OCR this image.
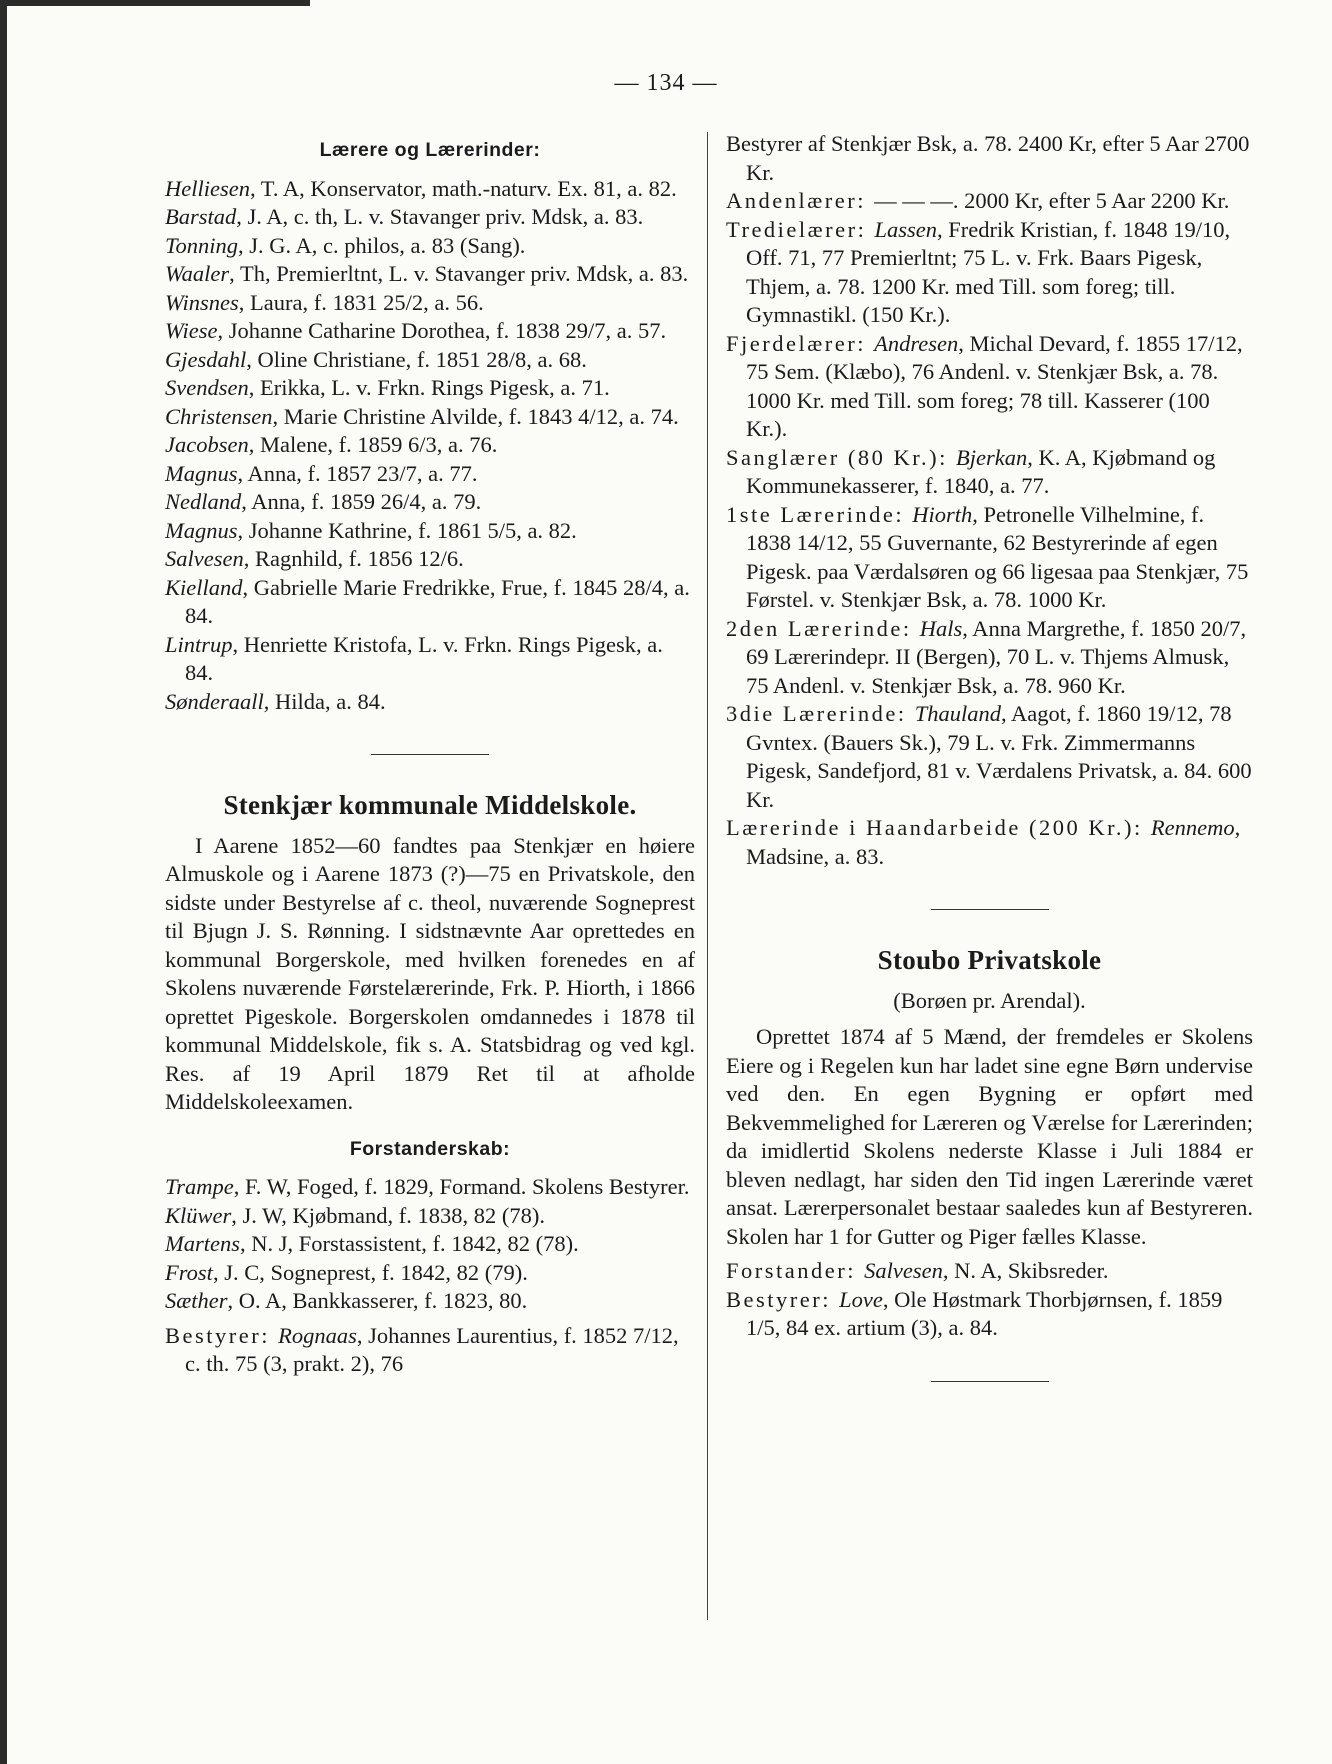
— 134 —
Lærere og Lærerinder:
Helliesen, T. A, Konservator, math.-naturv. Ex. 81, a. 82.
Barstad, J. A, c. th, L. v. Stavanger priv. Mdsk, a. 83.
Tonning, J. G. A, c. philos, a. 83 (Sang).
Waaler, Th, Premierltnt, L. v. Stavanger priv. Mdsk, a. 83.
Winsnes, Laura, f. 1831 25/2, a. 56.
Wiese, Johanne Catharine Dorothea, f. 1838 29/7, a. 57.
Gjesdahl, Oline Christiane, f. 1851 28/8, a. 68.
Svendsen, Erikka, L. v. Frkn. Rings Pigesk, a. 71.
Christensen, Marie Christine Alvilde, f. 1843 4/12, a. 74.
Jacobsen, Malene, f. 1859 6/3, a. 76.
Magnus, Anna, f. 1857 23/7, a. 77.
Nedland, Anna, f. 1859 26/4, a. 79.
Magnus, Johanne Kathrine, f. 1861 5/5, a. 82.
Salvesen, Ragnhild, f. 1856 12/6.
Kielland, Gabrielle Marie Fredrikke, Frue, f. 1845 28/4, a. 84.
Lintrup, Henriette Kristofa, L. v. Frkn. Rings Pigesk, a. 84.
Sønderaall, Hilda, a. 84.
Stenkjær kommunale Middelskole.
I Aarene 1852—60 fandtes paa Stenkjær en høiere Almuskole og i Aarene 1873 (?)—75 en Privatskole, den sidste under Bestyrelse af c. theol, nuværende Sogneprest til Bjugn J. S. Rønning. I sidstnævnte Aar oprettedes en kommunal Borgerskole, med hvilken forenedes en af Skolens nuværende Førstelærerinde, Frk. P. Hiorth, i 1866 oprettet Pigeskole. Borgerskolen omdannedes i 1878 til kommunal Middelskole, fik s. A. Statsbidrag og ved kgl. Res. af 19 April 1879 Ret til at afholde Middelskoleexamen.
Forstanderskab:
Trampe, F. W, Foged, f. 1829, Formand. Skolens Bestyrer.
Klüwer, J. W, Kjøbmand, f. 1838, 82 (78).
Martens, N. J, Forstassistent, f. 1842, 82 (78).
Frost, J. C, Sogneprest, f. 1842, 82 (79).
Sæther, O. A, Bankkasserer, f. 1823, 80.
Bestyrer: Rognaas, Johannes Laurentius, f. 1852 7/12, c. th. 75 (3, prakt. 2), 76
Bestyrer af Stenkjær Bsk, a. 78. 2400 Kr, efter 5 Aar 2700 Kr.
Andenlærer: — — —. 2000 Kr, efter 5 Aar 2200 Kr.
Tredielærer: Lassen, Fredrik Kristian, f. 1848 19/10, Off. 71, 77 Premierltnt; 75 L. v. Frk. Baars Pigesk, Thjem, a. 78. 1200 Kr. med Till. som foreg; till. Gymnastikl. (150 Kr.).
Fjerdelærer: Andresen, Michal Devard, f. 1855 17/12, 75 Sem. (Klæbo), 76 Andenl. v. Stenkjær Bsk, a. 78. 1000 Kr. med Till. som foreg; 78 till. Kasserer (100 Kr.).
Sanglærer (80 Kr.): Bjerkan, K. A, Kjøbmand og Kommunekasserer, f. 1840, a. 77.
1ste Lærerinde: Hiorth, Petronelle Vilhelmine, f. 1838 14/12, 55 Guvernante, 62 Bestyrerinde af egen Pigesk. paa Værdalsøren og 66 ligesaa paa Stenkjær, 75 Førstel. v. Stenkjær Bsk, a. 78. 1000 Kr.
2den Lærerinde: Hals, Anna Margrethe, f. 1850 20/7, 69 Lærerindepr. II (Bergen), 70 L. v. Thjems Almusk, 75 Andenl. v. Stenkjær Bsk, a. 78. 960 Kr.
3die Lærerinde: Thauland, Aagot, f. 1860 19/12, 78 Gvntex. (Bauers Sk.), 79 L. v. Frk. Zimmermanns Pigesk, Sandefjord, 81 v. Værdalens Privatsk, a. 84. 600 Kr.
Lærerinde i Haandarbeide (200 Kr.): Rennemo, Madsine, a. 83.
Stoubo Privatskole
(Borøen pr. Arendal).
Oprettet 1874 af 5 Mænd, der fremdeles er Skolens Eiere og i Regelen kun har ladet sine egne Børn undervise ved den. En egen Bygning er opført med Bekvemmelighed for Læreren og Værelse for Lærerinden; da imidlertid Skolens nederste Klasse i Juli 1884 er bleven nedlagt, har siden den Tid ingen Lærerinde været ansat. Lærerpersonalet bestaar saaledes kun af Bestyreren. Skolen har 1 for Gutter og Piger fælles Klasse.
Forstander: Salvesen, N. A, Skibsreder.
Bestyrer: Love, Ole Høstmark Thorbjørnsen, f. 1859 1/5, 84 ex. artium (3), a. 84.
